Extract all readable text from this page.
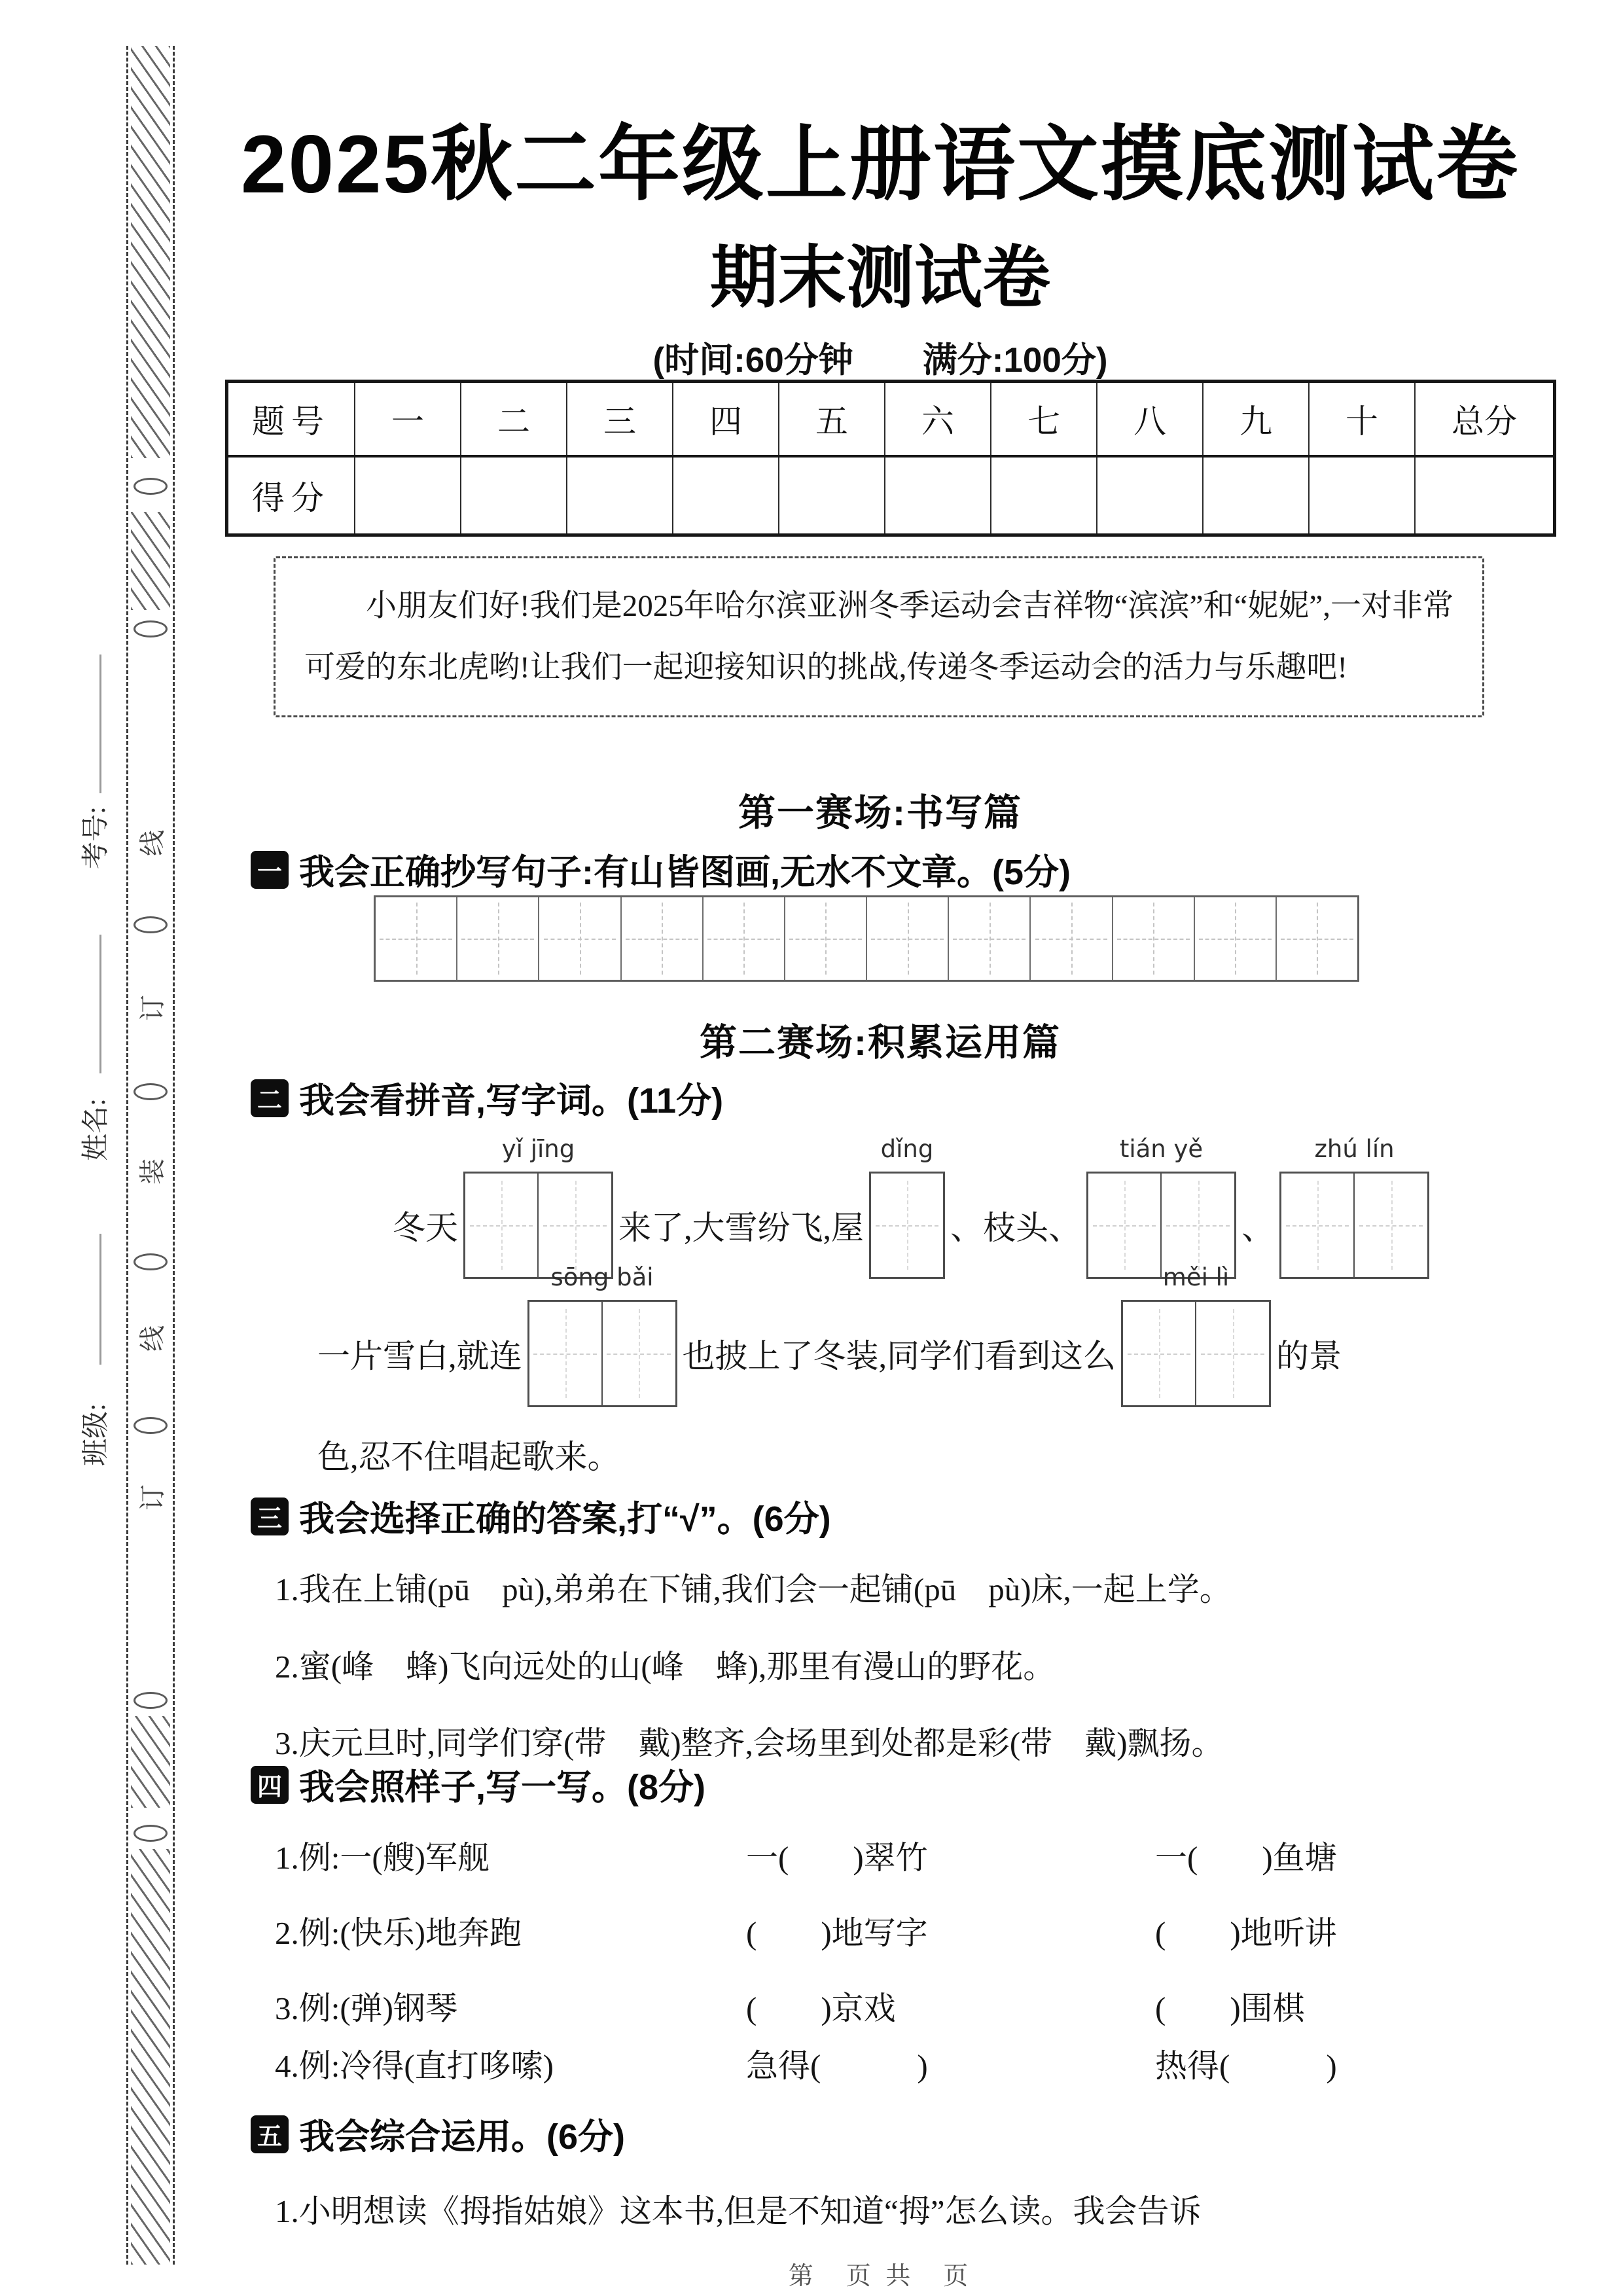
线
订
装
线
订
考号:
姓名:
班级:
2025秋二年级上册语文摸底测试卷
期末测试卷
(时间:60分钟　　满分:100分)
题号	一	二	三	四	五	六	七	八	九	十	总分
得分

小朋友们好!我们是2025年哈尔滨亚洲冬季运动会吉祥物“滨滨”和“妮妮”,一对非常可爱的东北虎哟!让我们一起迎接知识的挑战,传递冬季运动会的活力与乐趣吧!

第一赛场:书写篇
一 我会正确抄写句子:有山皆图画,无水不文章。(5分)
第二赛场:积累运用篇
二 我会看拼音,写字词。(11分)
冬天
yǐ jīng
来了,大雪纷飞,屋
dǐng
、枝头、
tián yě
、
zhú lín
一片雪白,就连
sōng bǎi
也披上了冬装,同学们看到这么
měi lì
的景
色,忍不住唱起歌来。
三 我会选择正确的答案,打“√”。(6分)
1.我在上铺(pū　pù),弟弟在下铺,我们会一起铺(pū　pù)床,一起上学。
2.蜜(峰　蜂)飞向远处的山(峰　蜂),那里有漫山的野花。
3.庆元旦时,同学们穿(带　戴)整齐,会场里到处都是彩(带　戴)飘扬。
四 我会照样子,写一写。(8分)
1.例:一(艘)军舰	一(　　)翠竹	一(　　)鱼塘
2.例:(快乐)地奔跑	(　　)地写字	(　　)地听讲
3.例:(弹)钢琴	(　　)京戏	(　　)围棋
4.例:冷得(直打哆嗦)	急得(　　　)	热得(　　　)
五 我会综合运用。(6分)
1.小明想读《拇指姑娘》这本书,但是不知道“拇”怎么读。我会告诉
第　页 共　页
